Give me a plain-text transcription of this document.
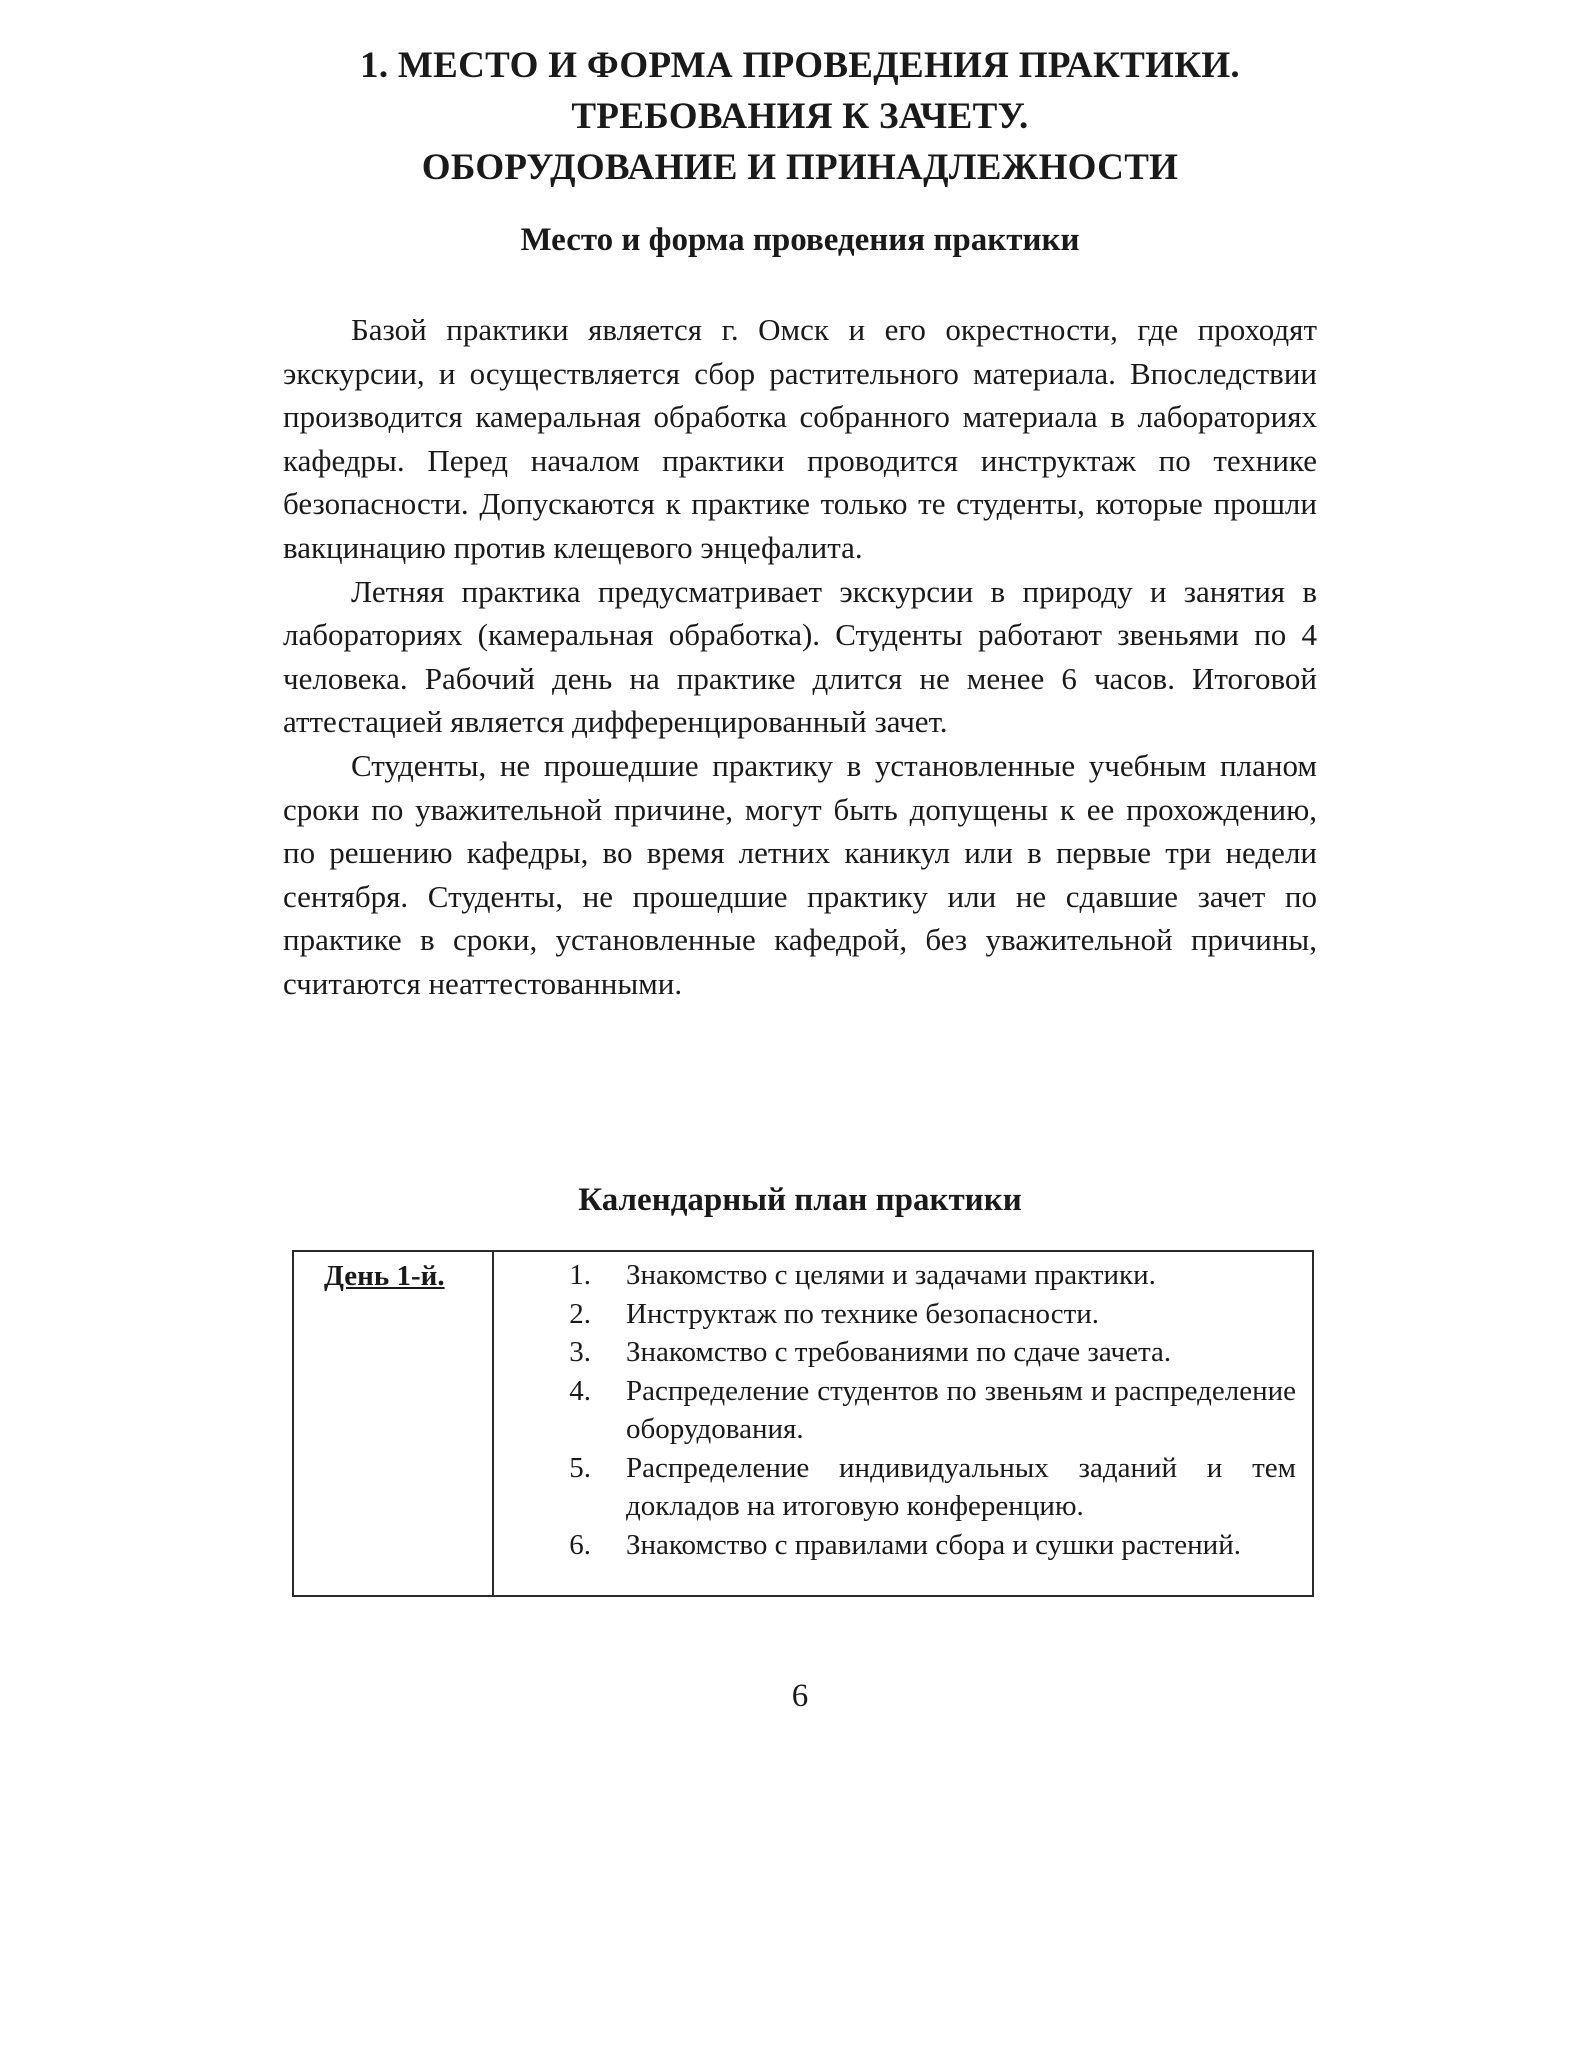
1. МЕСТО И ФОРМА ПРОВЕДЕНИЯ ПРАКТИКИ.
ТРЕБОВАНИЯ К ЗАЧЕТУ.
ОБОРУДОВАНИЕ И ПРИНАДЛЕЖНОСТИ
Место и форма проведения практики

Базой практики является г. Омск и его окрестности, где проходят экскурсии, и осуществляется сбор растительного материала. Впоследствии производится камеральная обработка собранного материала в лабораториях кафедры. Перед началом практики проводится инструктаж по технике безопасности. Допускаются к практике только те студенты, которые прошли вакцинацию против клещевого энцефалита.

Летняя практика предусматривает экскурсии в природу и занятия в лабораториях (камеральная обработка). Студенты работают звеньями по 4 человека. Рабочий день на практике длится не менее 6 часов. Итоговой аттестацией является дифференцированный зачет.

Студенты, не прошедшие практику в установленные учебным планом сроки по уважительной причине, могут быть допущены к ее прохождению, по решению кафедры, во время летних каникул или в первые три недели сентября. Студенты, не прошедшие практику или не сдавшие зачет по практике в сроки, установленные кафедрой, без уважительной причины, считаются неаттестованными.

Календарный план практики
День 1-й.	1. Знакомство с целями и задачами практики.
2. Инструктаж по технике безопасности.
3. Знакомство с требованиями по сдаче зачета.
4. Распределение студентов по звеньям и распределение оборудования.
5. Распределение индивидуальных заданий и тем докладов на итоговую конференцию.
6. Знакомство с правилами сбора и сушки растений.
6
